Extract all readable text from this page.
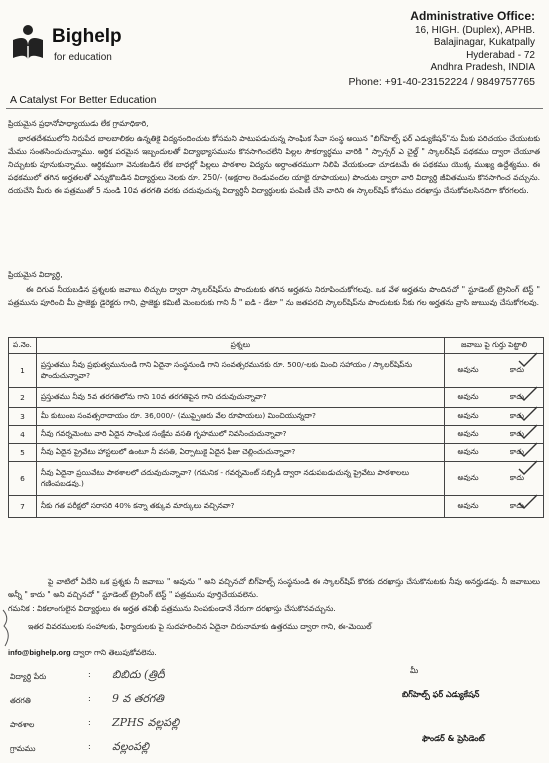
Bighelp
for education
A Catalyst For Better Education
Administrative Office:
16, HIGH. (Duplex), APHB.
Balajinagar, Kukatpally
Hyderabad - 72
Andhra Pradesh, INDIA
Phone: +91-40-23152224 / 9849757765
ప్రియమైన ప్రధానోపాధ్యాయుడు లేక గ్రామాధికారి,
భారతదేశములోని నిరుపేద బాలబాలికల ఉన్నతికై విద్యనందించుట కోసమని పాటుపడుచున్న సాంఘిక సేవా సంస్థ అయిన "బిగ్‌హెల్ప్ ఫర్ ఎడ్యుకేషన్"ను మీకు పరిచయం చేయుటకు మేము సంతసించుచున్నాము. ఆర్ధిక పరమైన ఇబ్బందులతో విద్యాభ్యాసమును కొనసాగించలేని పిల్లల సౌకర్యార్ధము వారికి " స్పాన్సర్ ఎ చైల్డ్ " స్కాలర్‌షిప్ పథకము ద్వారా చేయూత నిచ్చుటకు పూనుకున్నాము. ఆర్ధికముగా వెనుకబడిన లేక బాధల్లో పిల్లలు పాఠశాల విద్యను అర్ధాంతరముగా నిలిపి వేయకుండా చూడటమే ఈ పథకము యొక్క ముఖ్య ఉద్దేశ్యము. ఈ పథకములో తగిన అర్హతలతో ఎన్నుకొబడిన విద్యార్ధులు నెలకు రూ. 250/- (అక్షరాల రెండువందల యాభై రూపాయలు) పొందుట ద్వారా వారి విద్యార్ధి జీవితమును కొనసాగించ వచ్చును. దయచేసి మీరు ఈ పత్రముతో 5 నుండి 10వ తరగతి వరకు చదువుచున్న విద్యార్ధినీ విద్యార్ధులకు పంపిణీ చేసి వారిని ఈ స్కాలర్‌షిప్ కోసము దరఖాస్తు చేసుకోవలసినదిగా కోరగలరు.
ప్రియమైన విద్యార్ధి,
ఈ దిగువ నీయబడిన ప్రశ్నలకు జవాబు లిచ్చుట ద్వారా స్కాలర్‌షిప్‌ను పొందుటకు తగిన అర్హతను నిరూపించుకోగలవు. ఒక వేళ అర్హతను పొందినచో " స్టూడెంట్ ట్రైనింగ్ టెస్ట్ " పత్రమును పూరించి మీ ప్రాజెక్టు డైరెక్టరు గాని, ప్రాజెక్టు కమిటీ మెంబరుకు గాని నీ " ఐడి - డేటా " ను జతపరచి స్కాలర్‌షిప్‌ను పొందుటకు నీకు గల అర్హతను వ్రాసి జుఋవు చేసుకోగలవు.
ప.నెం.	ప్రశ్నలు	జవాబు పై గుర్తు పెట్టాలి	
1	ప్రస్తుతము నీవు ప్రభుత్వమునుండి గాని ఏదైనా సంస్థనుండి గాని సంవత్సరమునకు రూ. 500/-లకు మించి సహాయం / స్కాలర్‌షిప్‌ను పొందుచున్నావా?	అవును	కాదు

2	ప్రస్తుతము నీవు 5వ తరగతిలోను గాని 10వ తరగతిపైన గాని చదువుచున్నావా?	అవును	కాదు

3	మీ కుటుంబ సంవత్సరాదాయం రూ. 36,000/- (ముప్పైఆరు వేల రూపాయలు) మించియున్నదా?	అవును	కాదు

4	నీవు గవర్నమెంటు వారి ఏదైన సాంఘిక సంక్షేమ వసతి గృహములో నివసించుచున్నావా?	అవును	కాదు

5	నీవు ఏదైన ప్రైవేటు హాస్టలులో ఉంటూ నీ వసతి, ఏర్పాటుకై ఏదైన ఫీజు చెల్లించుచున్నావా?	అవును	కాదు

6	నీవు ఏదైనా ప్రయివేటు పాఠశాలలో చదువుచున్నావా? (గమనిక - గవర్నమెంట్ సబ్సిడీ ద్వారా నడుపబడుచున్న ప్రైవేటు పాఠశాలలు గణింపబడవు.)	అవును	కాదు

7	నీకు గత పరీక్షలో సరాసరి 40% కన్నా తక్కువ మార్కులు వచ్చినవా?	అవును	కాదు
పై వాటిలో ఏదేని ఒక ప్రశ్నకు నీ జవాబు " అవును " అని వచ్చినచో బిగ్‌హెల్ప్ సంస్థనుండి ఈ స్కాలర్‌షిప్ కొరకు దరఖాస్తు చేసుకొనుటకు నీవు అనర్హుడవు. నీ జవాబులు అన్నీ " కాదు " అని వచ్చినచో " స్టూడెంట్ ట్రైనింగ్ టెస్ట్ " పత్రమును పూర్తిచేయవలెను.
గమనిక : వికలాంగులైన విద్యార్ధులు ఈ అర్హత తనిఖీ పత్రమును నింపకుండానే నేరుగా దరఖాస్తు చేసుకొనవచ్చును.
ఇతర వివరములకు సంహాలకు, ఫిర్యాదులకు పై సుదహరించిన ఏదైనా చిరునామాకు ఉత్తరము ద్వారా గాని, ఈ-మెయిల్
info@bighelp.org ద్వారా గాని తెలుపుకోవలెను.
మీ
బిగ్‌హెల్ప్ ఫర్ ఎడ్యుకేషన్
ఫౌండర్ & ప్రెసిడెంట్
విద్యార్ధి పేరు	: బిబిదు (త్రిదీ
తరగతి	: 9 వ తరగతి
పాఠశాల	: ZPHS వల్లపల్లి
గ్రామము	: వల్లంపల్లి
